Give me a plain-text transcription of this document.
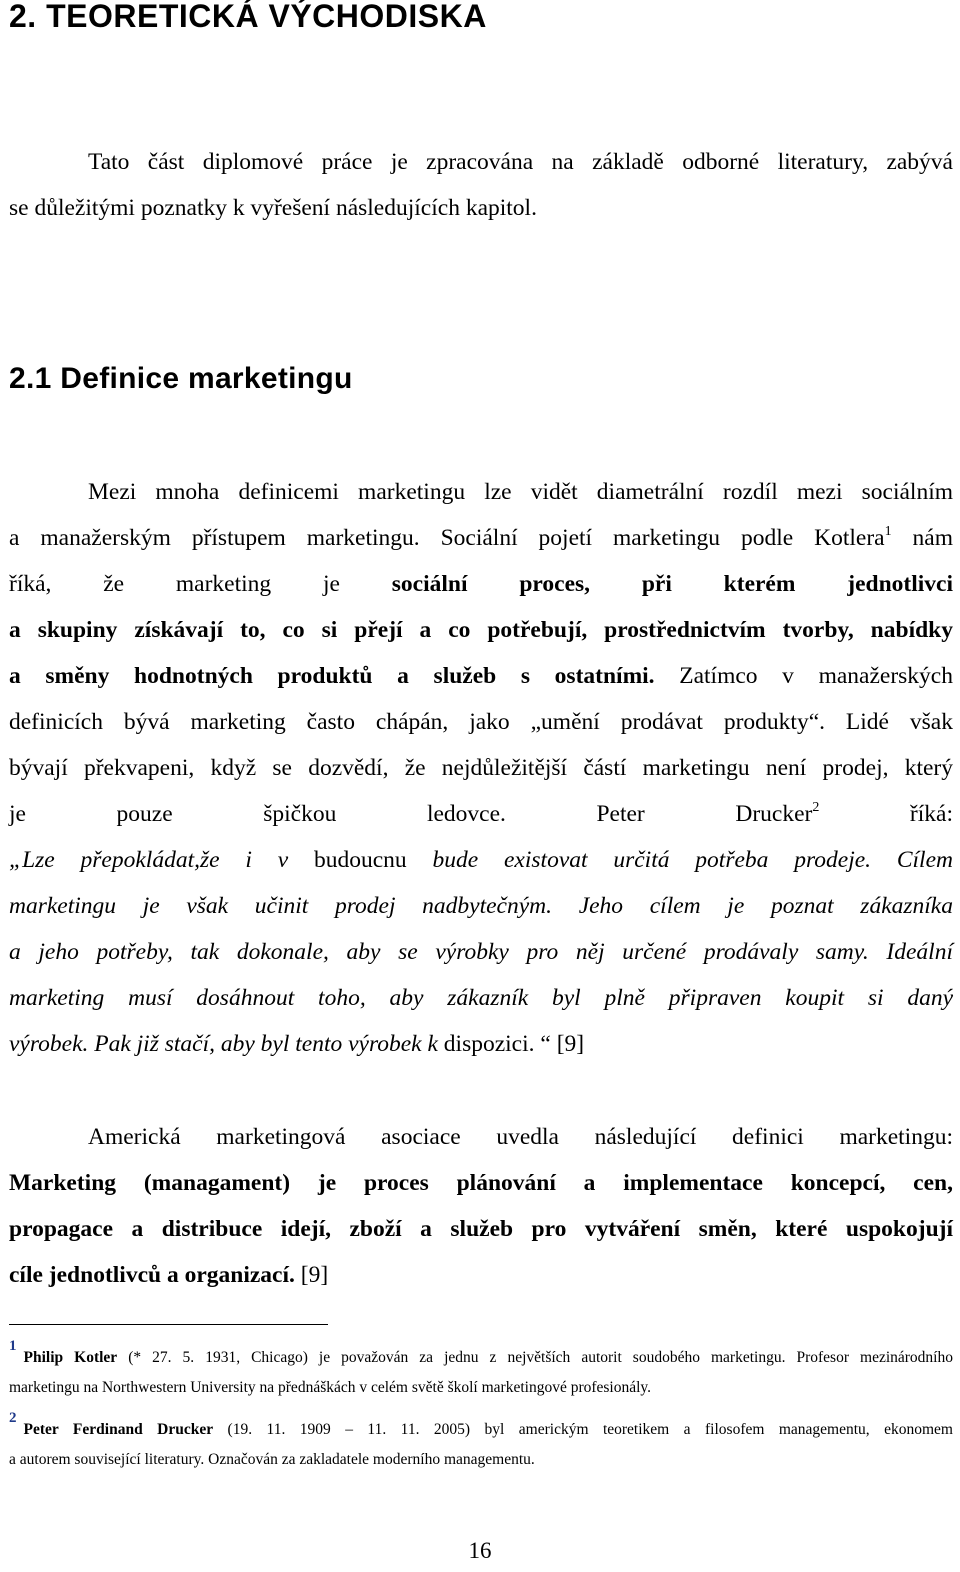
2. TEORETICKÁ VÝCHODISKA
Tato část diplomové práce je zpracována na základě odborné literatury, zabývá
se důležitými poznatky k vyřešení následujících kapitol.
2.1 Definice marketingu
Mezi mnoha definicemi marketingu lze vidět diametrální rozdíl mezi sociálním
a manažerským přístupem marketingu. Sociální pojetí marketingu podle Kotlera$^1$ nám
říká, že marketing je sociální proces, při kterém jednotlivci
a skupiny získávají to, co si přejí a co potřebují, prostřednictvím tvorby, nabídky
a směny hodnotných produktů a služeb s ostatními. Zatímco v manažerských
definicích bývá marketing často chápán, jako „umění prodávat produkty“. Lidé však
bývají překvapeni, když se dozvědí, že nejdůležitější částí marketingu není prodej, který
je pouze špičkou ledovce. Peter Drucker$^2$ říká:
„Lze přepokládat,že i v budoucnu bude existovat určitá potřeba prodeje. Cílem
marketingu je však učinit prodej nadbytečným. Jeho cílem je poznat zákazníka
a jeho potřeby, tak dokonale, aby se výrobky pro něj určené prodávaly samy. Ideální
marketing musí dosáhnout toho, aby zákazník byl plně připraven koupit si daný
výrobek. Pak již stačí, aby byl tento výrobek k dispozici. “ [9]
Americká marketingová asociace uvedla následující definici marketingu:
Marketing (managament) je proces plánování a implementace koncepcí, cen,
propagace a distribuce idejí, zboží a služeb pro vytváření směn, které uspokojují
cíle jednotlivců a organizací. [9]
1Philip Kotler (* 27. 5. 1931, Chicago) je považován za jednu z největších autorit soudobého marketingu. Profesor mezinárodního
marketingu na Northwestern University na přednáškách v celém světě školí marketingové profesionály.
2Peter Ferdinand Drucker (19. 11. 1909 – 11. 11. 2005) byl americkým teoretikem a filosofem managementu, ekonomem
a autorem související literatury. Označován za zakladatele moderního managementu.

16
